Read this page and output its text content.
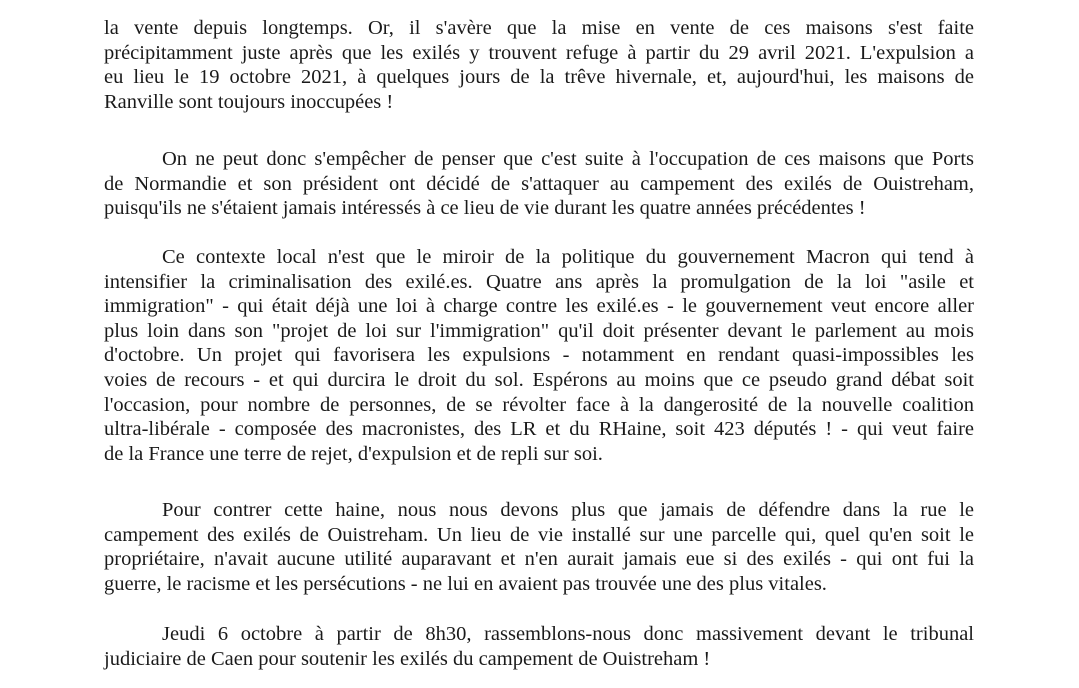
la vente depuis longtemps. Or, il s'avère que la mise en vente de ces maisons s'est faite
précipitamment juste après que les exilés y trouvent refuge à partir du 29 avril 2021. L'expulsion a
eu lieu le 19 octobre 2021, à quelques jours de la trêve hivernale, et, aujourd'hui, les maisons de
Ranville sont toujours inoccupées !
On ne peut donc s'empêcher de penser que c'est suite à l'occupation de ces maisons que Ports
de Normandie et son président ont décidé de s'attaquer au campement des exilés de Ouistreham,
puisqu'ils ne s'étaient jamais intéressés à ce lieu de vie durant les quatre années précédentes !
Ce contexte local n'est que le miroir de la politique du gouvernement Macron qui tend à
intensifier la criminalisation des exilé.es. Quatre ans après la promulgation de la loi "asile et
immigration" - qui était déjà une loi à charge contre les exilé.es - le gouvernement veut encore aller
plus loin dans son "projet de loi sur l'immigration" qu'il doit présenter devant le parlement au mois
d'octobre. Un projet qui favorisera les expulsions - notamment en rendant quasi-impossibles les
voies de recours - et qui durcira le droit du sol. Espérons au moins que ce pseudo grand débat soit
l'occasion, pour nombre de personnes, de se révolter face à la dangerosité de la nouvelle coalition
ultra-libérale - composée des macronistes, des LR et du RHaine, soit 423 députés ! - qui veut faire
de la France une terre de rejet, d'expulsion et de repli sur soi.
Pour contrer cette haine, nous nous devons plus que jamais de défendre dans la rue le
campement des exilés de Ouistreham. Un lieu de vie installé sur une parcelle qui, quel qu'en soit le
propriétaire, n'avait aucune utilité auparavant et n'en aurait jamais eue si des exilés - qui ont fui la
guerre, le racisme et les persécutions - ne lui en avaient pas trouvée une des plus vitales.
Jeudi 6 octobre à partir de 8h30, rassemblons-nous donc massivement devant le tribunal
judiciaire de Caen pour soutenir les exilés du campement de Ouistreham !
